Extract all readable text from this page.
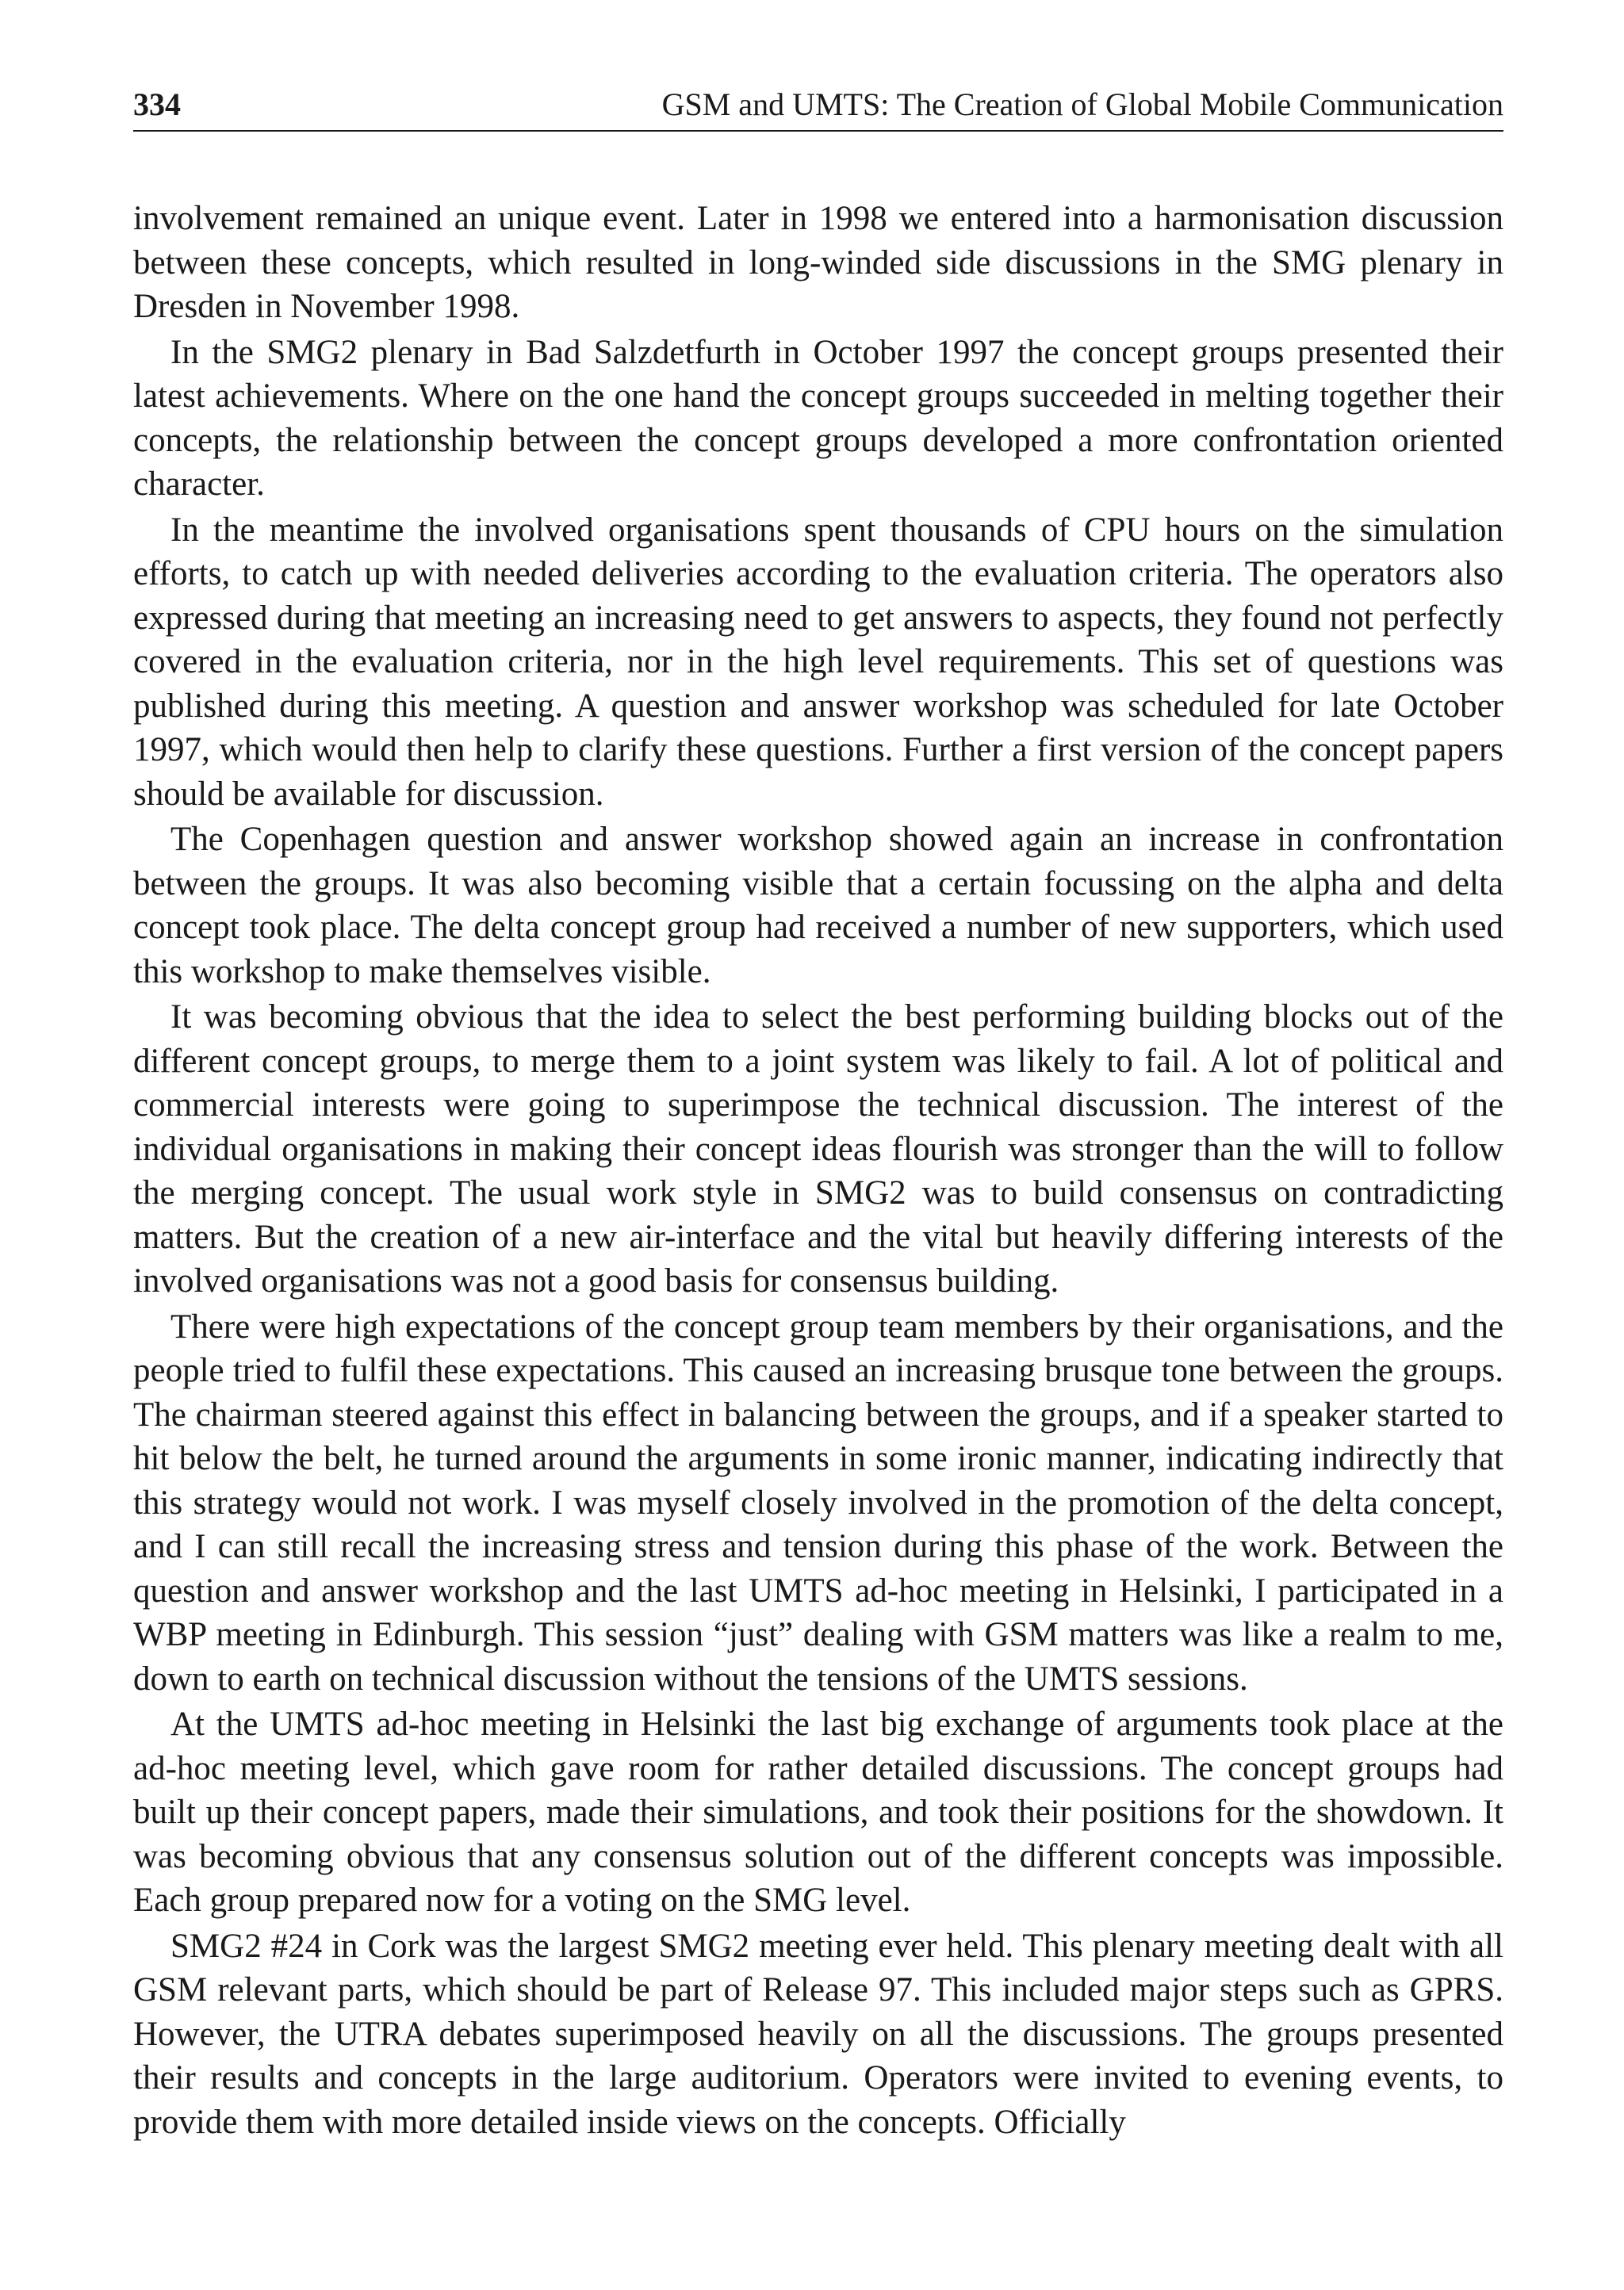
334	GSM and UMTS: The Creation of Global Mobile Communication

involvement remained an unique event. Later in 1998 we entered into a harmonisation discussion between these concepts, which resulted in long-winded side discussions in the SMG plenary in Dresden in November 1998.

In the SMG2 plenary in Bad Salzdetfurth in October 1997 the concept groups presented their latest achievements. Where on the one hand the concept groups succeeded in melting together their concepts, the relationship between the concept groups developed a more confrontation oriented character.

In the meantime the involved organisations spent thousands of CPU hours on the simulation efforts, to catch up with needed deliveries according to the evaluation criteria. The operators also expressed during that meeting an increasing need to get answers to aspects, they found not perfectly covered in the evaluation criteria, nor in the high level requirements. This set of questions was published during this meeting. A question and answer workshop was scheduled for late October 1997, which would then help to clarify these questions. Further a first version of the concept papers should be available for discussion.

The Copenhagen question and answer workshop showed again an increase in confrontation between the groups. It was also becoming visible that a certain focussing on the alpha and delta concept took place. The delta concept group had received a number of new supporters, which used this workshop to make themselves visible.

It was becoming obvious that the idea to select the best performing building blocks out of the different concept groups, to merge them to a joint system was likely to fail. A lot of political and commercial interests were going to superimpose the technical discussion. The interest of the individual organisations in making their concept ideas flourish was stronger than the will to follow the merging concept. The usual work style in SMG2 was to build consensus on contradicting matters. But the creation of a new air-interface and the vital but heavily differing interests of the involved organisations was not a good basis for consensus building.

There were high expectations of the concept group team members by their organisations, and the people tried to fulfil these expectations. This caused an increasing brusque tone between the groups. The chairman steered against this effect in balancing between the groups, and if a speaker started to hit below the belt, he turned around the arguments in some ironic manner, indicating indirectly that this strategy would not work. I was myself closely involved in the promotion of the delta concept, and I can still recall the increasing stress and tension during this phase of the work. Between the question and answer workshop and the last UMTS ad-hoc meeting in Helsinki, I participated in a WBP meeting in Edinburgh. This session “just” dealing with GSM matters was like a realm to me, down to earth on technical discussion without the tensions of the UMTS sessions.

At the UMTS ad-hoc meeting in Helsinki the last big exchange of arguments took place at the ad-hoc meeting level, which gave room for rather detailed discussions. The concept groups had built up their concept papers, made their simulations, and took their positions for the showdown. It was becoming obvious that any consensus solution out of the different concepts was impossible. Each group prepared now for a voting on the SMG level.

SMG2 #24 in Cork was the largest SMG2 meeting ever held. This plenary meeting dealt with all GSM relevant parts, which should be part of Release 97. This included major steps such as GPRS. However, the UTRA debates superimposed heavily on all the discussions. The groups presented their results and concepts in the large auditorium. Operators were invited to evening events, to provide them with more detailed inside views on the concepts. Officially
